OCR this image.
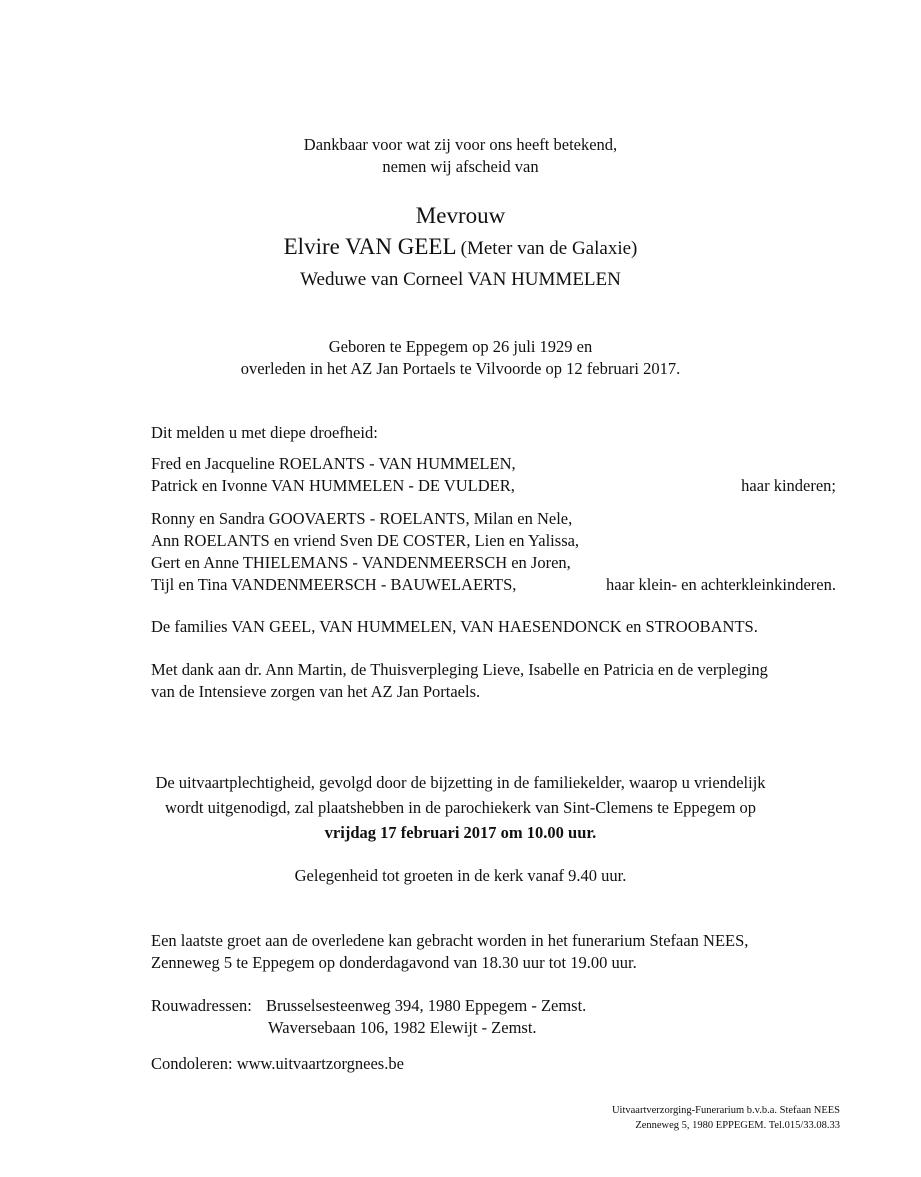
Dankbaar voor wat zij voor ons heeft betekend,
nemen wij afscheid van
Mevrouw
Elvire VAN GEEL (Meter van de Galaxie)
Weduwe van Corneel VAN HUMMELEN
Geboren te Eppegem op 26 juli 1929 en
overleden in het AZ Jan Portaels te Vilvoorde op 12 februari 2017.
Dit melden u met diepe droefheid:
Fred en Jacqueline ROELANTS - VAN HUMMELEN,
Patrick en Ivonne VAN HUMMELEN - DE VULDER,	haar kinderen;
Ronny en Sandra GOOVAERTS - ROELANTS, Milan en Nele,
Ann ROELANTS en vriend Sven DE COSTER, Lien en Yalissa,
Gert en Anne THIELEMANS - VANDENMEERSCH en Joren,
Tijl en Tina VANDENMEERSCH - BAUWELAERTS,	haar klein- en achterkleinkinderen.
De families VAN GEEL, VAN HUMMELEN, VAN HAESENDONCK en STROOBANTS.
Met dank aan dr. Ann Martin, de Thuisverpleging Lieve, Isabelle en Patricia en de verpleging
van de Intensieve zorgen van het AZ Jan Portaels.
De uitvaartplechtigheid, gevolgd door de bijzetting in de familiekelder, waarop u vriendelijk
wordt uitgenodigd, zal plaatshebben in de parochiekerk van Sint-Clemens te Eppegem op
vrijdag 17 februari 2017 om 10.00 uur.
Gelegenheid tot groeten in de kerk vanaf 9.40 uur.
Een laatste groet aan de overledene kan gebracht worden in het funerarium Stefaan NEES,
Zenneweg 5 te Eppegem op donderdagavond van 18.30 uur tot 19.00 uur.
Rouwadressen: Brusselsesteenweg 394, 1980 Eppegem - Zemst.
Waversebaan 106, 1982 Elewijt - Zemst.
Condoleren: www.uitvaartzorgnees.be
Uitvaartverzorging-Funerarium b.v.b.a. Stefaan NEES
Zenneweg 5, 1980 EPPEGEM. Tel.015/33.08.33
